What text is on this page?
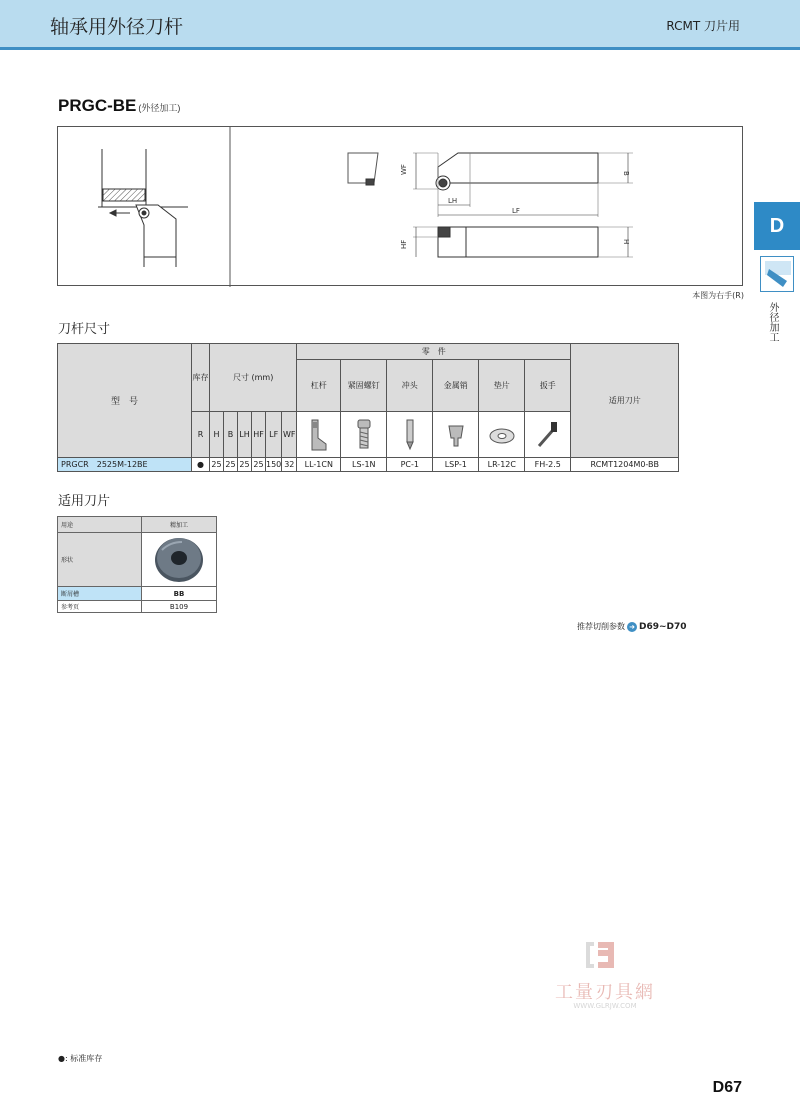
轴承用外径刀杆	RCMT 刀片用
PRGC-BE (外径加工)
WF	B
LH
LF
HF	H
本图为右手(R)
刀杆尺寸
型　号	库存	尺寸 (mm)						零　件						适用刀片
								杠杆	紧固螺钉	冲头	金属销	垫片	扳手	
	R	H	B	LH	HF	LF	WF						
PRGCR　2525M-12BE	●	25	25	25	25	150	32	LL-1CN	LS-1N	PC-1	LSP-1	LR-12C	FH-2.5	RCMT1204M0-BB
适用刀片
用途	精加工
形状	
断屑槽	BB
参考页	B109
推荐切削参数 ➜ D69~D70
D
外径加工
工量刃具網
WWW.GLRJW.COM
●: 标准库存
D67
